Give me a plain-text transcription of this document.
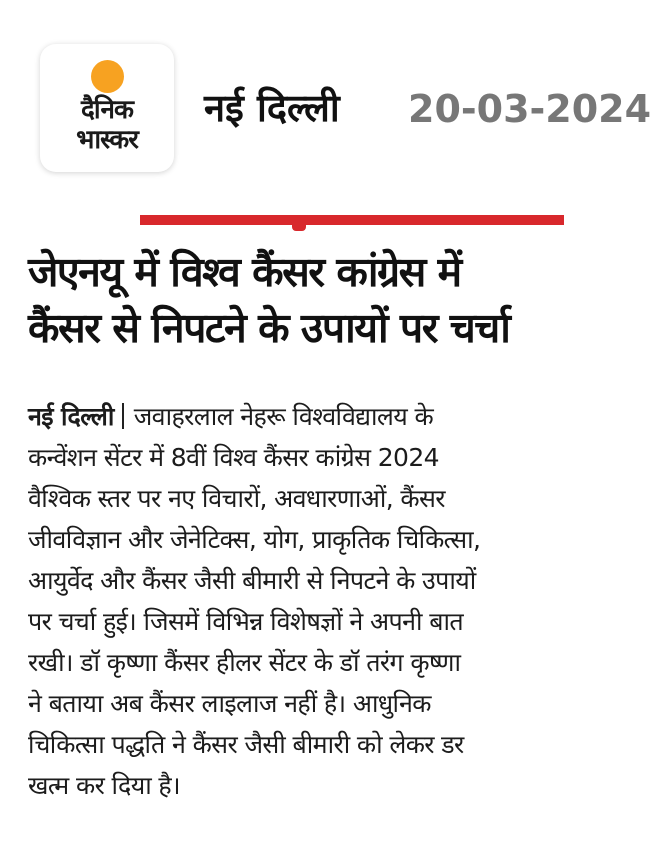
दैनिक
भास्कर
नई दिल्ली 20-03-2024
जेएनयू में विश्व कैंसर कांग्रेस में
कैंसर से निपटने के उपायों पर चर्चा
नई दिल्ली जवाहरलाल नेहरू विश्वविद्यालय के
कन्वेंशन सेंटर में 8वीं विश्व कैंसर कांग्रेस 2024
वैश्विक स्तर पर नए विचारों, अवधारणाओं, कैंसर
जीवविज्ञान और जेनेटिक्स, योग, प्राकृतिक चिकित्सा,
आयुर्वेद और कैंसर जैसी बीमारी से निपटने के उपायों
पर चर्चा हुई। जिसमें विभिन्न विशेषज्ञों ने अपनी बात
रखी। डॉ कृष्णा कैंसर हीलर सेंटर के डॉ तरंग कृष्णा
ने बताया अब कैंसर लाइलाज नहीं है। आधुनिक
चिकित्सा पद्धति ने कैंसर जैसी बीमारी को लेकर डर
खत्म कर दिया है।
